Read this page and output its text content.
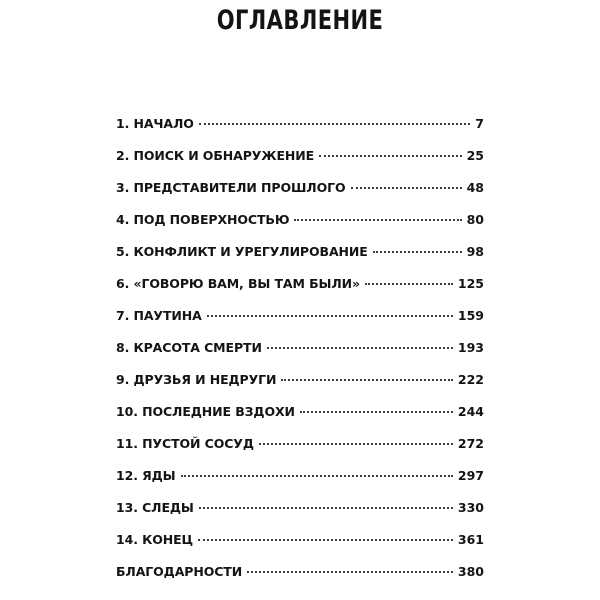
ОГЛАВЛЕНИЕ
1. НАЧАЛО	7
2. ПОИСК И ОБНАРУЖЕНИЕ	25
3. ПРЕДСТАВИТЕЛИ ПРОШЛОГО	48
4. ПОД ПОВЕРХНОСТЬЮ	80
5. КОНФЛИКТ И УРЕГУЛИРОВАНИЕ	98
6. «ГОВОРЮ ВАМ, ВЫ ТАМ БЫЛИ»	125
7. ПАУТИНА	159
8. КРАСОТА СМЕРТИ	193
9. ДРУЗЬЯ И НЕДРУГИ	222
10. ПОСЛЕДНИЕ ВЗДОХИ	244
11. ПУСТОЙ СОСУД	272
12. ЯДЫ	297
13. СЛЕДЫ	330
14. КОНЕЦ	361
БЛАГОДАРНОСТИ	380
